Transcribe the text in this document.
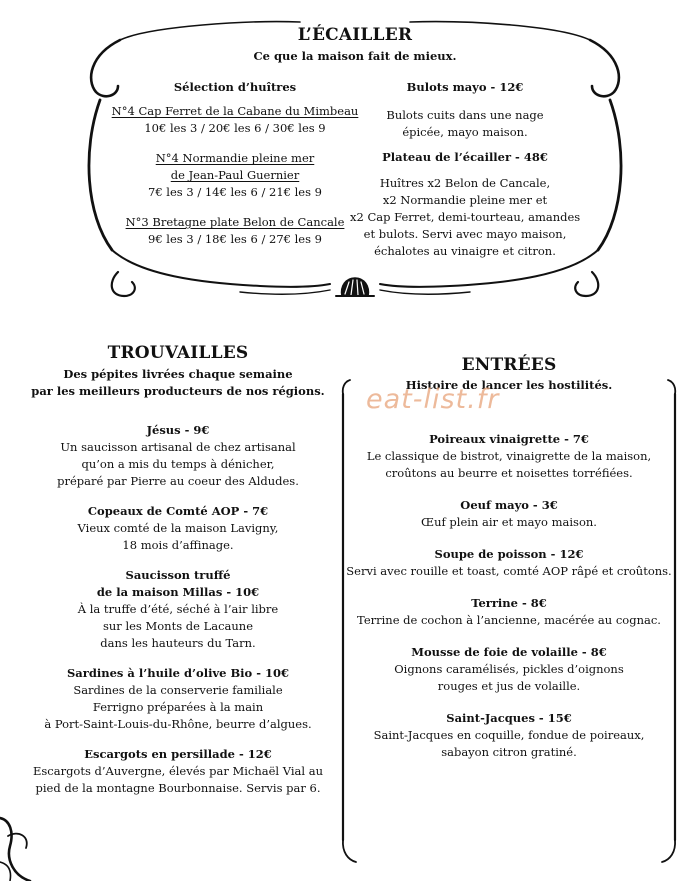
L’ÉCAILLER
Ce que la maison fait de mieux.
Sélection d’huîtres
N°4 Cap Ferret de la Cabane du Mimbeau
10€ les 3 / 20€ les 6 / 30€ les 9
N°4 Normandie pleine mer
de Jean-Paul Guernier
7€ les 3 / 14€ les 6 / 21€ les 9
N°3 Bretagne plate Belon de Cancale
9€ les 3 / 18€ les 6 / 27€ les 9
Bulots mayo - 12€
Bulots cuits dans une nage
épicée, mayo maison.
Plateau de l’écailler - 48€
Huîtres x2 Belon de Cancale,
x2 Normandie pleine mer et
x2 Cap Ferret, demi-tourteau, amandes
et bulots. Servi avec mayo maison,
échalotes au vinaigre et citron.
TROUVAILLES
Des pépites livrées chaque semaine
par les meilleurs producteurs de nos régions.
Jésus - 9€
Un saucisson artisanal de chez artisanal
qu’on a mis du temps à dénicher,
préparé par Pierre au coeur des Aldudes.
Copeaux de Comté AOP - 7€
Vieux comté de la maison Lavigny,
18 mois d’affinage.
Saucisson truffé
de la maison Millas - 10€
À la truffe d’été, séché à l’air libre
sur les Monts de Lacaune
dans les hauteurs du Tarn.
Sardines à l’huile d’olive Bio - 10€
Sardines de la conserverie familiale
Ferrigno préparées à la main
à Port-Saint-Louis-du-Rhône, beurre d’algues.
Escargots en persillade - 12€
Escargots d’Auvergne, élevés par Michaël Vial au
pied de la montagne Bourbonnaise. Servis par 6.
ENTRÉES
Histoire de lancer les hostilités.
Poireaux vinaigrette - 7€
Le classique de bistrot, vinaigrette de la maison,
croûtons au beurre et noisettes torréfiées.
Oeuf mayo - 3€
Œuf plein air et mayo maison.
Soupe de poisson - 12€
Servi avec rouille et toast, comté AOP râpé et croûtons.
Terrine - 8€
Terrine de cochon à l’ancienne, macérée au cognac.
Mousse de foie de volaille - 8€
Oignons caramélisés, pickles d’oignons
rouges et jus de volaille.
Saint-Jacques - 15€
Saint-Jacques en coquille, fondue de poireaux,
sabayon citron gratiné.
eat-list.fr
